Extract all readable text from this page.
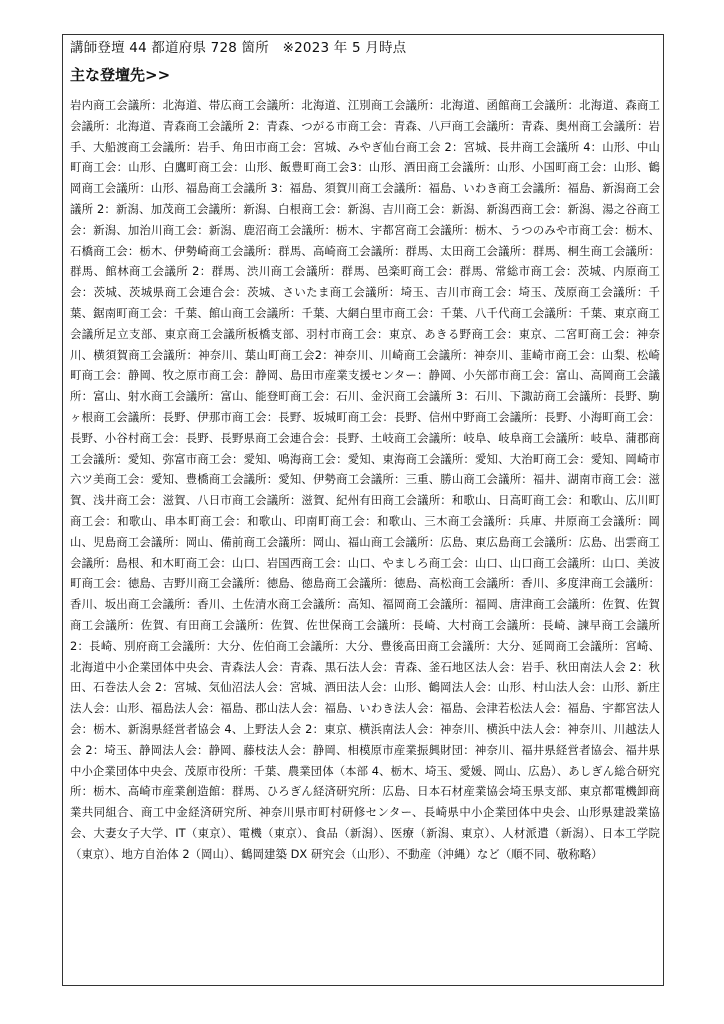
講師登壇 44 都道府県 728 箇所　※2023 年 5 月時点
主な登壇先>>
岩内商工会議所：北海道、帯広商工会議所：北海道、江別商工会議所：北海道、函館商工会議所：北海道、森商工会議所：北海道、青森商工会議所 2：青森、つがる市商工会：青森、八戸商工会議所：青森、奥州商工会議所：岩手、大船渡商工会議所：岩手、角田市商工会：宮城、みやぎ仙台商工会 2：宮城、長井商工会議所 4：山形、中山町商工会：山形、白鷹町商工会：山形、飯豊町商工会3：山形、酒田商工会議所：山形、小国町商工会：山形、鶴岡商工会議所：山形、福島商工会議所 3：福島、須賀川商工会議所：福島、いわき商工会議所：福島、新潟商工会議所 2：新潟、加茂商工会議所：新潟、白根商工会：新潟、吉川商工会：新潟、新潟西商工会：新潟、湯之谷商工会：新潟、加治川商工会：新潟、鹿沼商工会議所：栃木、宇都宮商工会議所：栃木、うつのみや市商工会：栃木、石橋商工会：栃木、伊勢崎商工会議所：群馬、高崎商工会議所：群馬、太田商工会議所：群馬、桐生商工会議所：群馬、館林商工会議所 2：群馬、渋川商工会議所：群馬、邑楽町商工会：群馬、常総市商工会：茨城、内原商工会：茨城、茨城県商工会連合会：茨城、さいたま商工会議所：埼玉、吉川市商工会：埼玉、茂原商工会議所：千葉、鋸南町商工会：千葉、館山商工会議所：千葉、大網白里市商工会：千葉、八千代商工会議所：千葉、東京商工会議所足立支部、東京商工会議所板橋支部、羽村市商工会：東京、あきる野商工会：東京、二宮町商工会：神奈川、横須賀商工会議所：神奈川、葉山町商工会2：神奈川、川崎商工会議所：神奈川、韮崎市商工会：山梨、松崎町商工会：静岡、牧之原市商工会：静岡、島田市産業支援センター：静岡、小矢部市商工会：富山、高岡商工会議所：富山、射水商工会議所：富山、能登町商工会：石川、金沢商工会議所 3：石川、下諏訪商工会議所：長野、駒ヶ根商工会議所：長野、伊那市商工会：長野、坂城町商工会：長野、信州中野商工会議所：長野、小海町商工会：長野、小谷村商工会：長野、長野県商工会連合会：長野、土岐商工会議所：岐阜、岐阜商工会議所：岐阜、蒲郡商工会議所：愛知、弥富市商工会：愛知、鳴海商工会：愛知、東海商工会議所：愛知、大治町商工会：愛知、岡崎市六ツ美商工会：愛知、豊橋商工会議所：愛知、伊勢商工会議所：三重、勝山商工会議所：福井、湖南市商工会：滋賀、浅井商工会：滋賀、八日市商工会議所：滋賀、紀州有田商工会議所：和歌山、日高町商工会：和歌山、広川町商工会：和歌山、串本町商工会：和歌山、印南町商工会：和歌山、三木商工会議所：兵庫、井原商工会議所：岡山、児島商工会議所：岡山、備前商工会議所：岡山、福山商工会議所：広島、東広島商工会議所：広島、出雲商工会議所：島根、和木町商工会：山口、岩国西商工会：山口、やましろ商工会：山口、山口商工会議所：山口、美波町商工会：徳島、吉野川商工会議所：徳島、徳島商工会議所：徳島、高松商工会議所：香川、多度津商工会議所：香川、坂出商工会議所：香川、土佐清水商工会議所：高知、福岡商工会議所：福岡、唐津商工会議所：佐賀、佐賀商工会議所：佐賀、有田商工会議所：佐賀、佐世保商工会議所：長崎、大村商工会議所：長崎、諫早商工会議所 2：長崎、別府商工会議所：大分、佐伯商工会議所：大分、豊後高田商工会議所：大分、延岡商工会議所：宮崎、北海道中小企業団体中央会、青森法人会：青森、黒石法人会：青森、釜石地区法人会：岩手、秋田南法人会 2：秋田、石巻法人会 2：宮城、気仙沼法人会：宮城、酒田法人会：山形、鶴岡法人会：山形、村山法人会：山形、新庄法人会：山形、福島法人会：福島、郡山法人会：福島、いわき法人会：福島、会津若松法人会：福島、宇都宮法人会：栃木、新潟県経営者協会 4、上野法人会 2：東京、横浜南法人会：神奈川、横浜中法人会：神奈川、川越法人会 2：埼玉、静岡法人会：静岡、藤枝法人会：静岡、相模原市産業振興財団：神奈川、福井県経営者協会、福井県中小企業団体中央会、茂原市役所：千葉、農業団体（本部 4、栃木、埼玉、愛媛、岡山、広島）、あしぎん総合研究所：栃木、高崎市産業創造館：群馬、ひろぎん経済研究所：広島、日本石材産業協会埼玉県支部、東京都電機卸商業共同組合、商工中金経済研究所、神奈川県市町村研修センター、長崎県中小企業団体中央会、山形県建設業協会、大妻女子大学、IT（東京）、電機（東京）、食品（新潟）、医療（新潟、東京）、人材派遣（新潟）、日本工学院（東京）、地方自治体 2（岡山）、鶴岡建築 DX 研究会（山形）、不動産（沖縄）など（順不同、敬称略）
